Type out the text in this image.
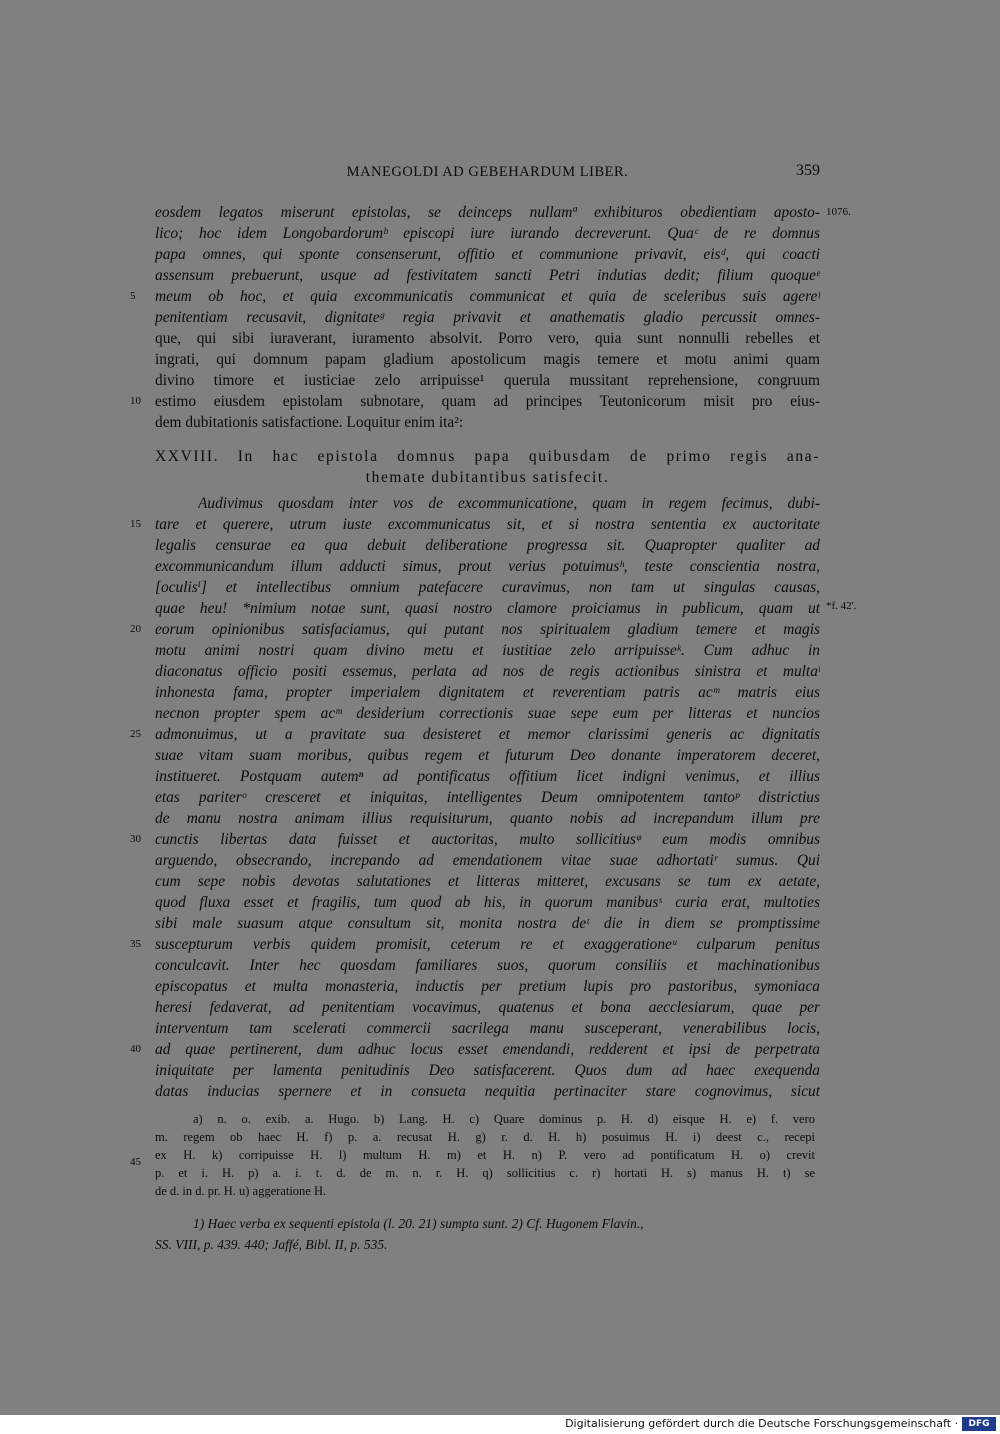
MANEGOLDI AD GEBEHARDUM LIBER.	359
1076.
*f. 42'.
5
10
15
20
25
30
35
40
45
eosdem legatos miserunt epistolas, se deinceps nullamª exhibituros obedientiam aposto-
lico; hoc idem Longobardorumᵇ episcopi iure iurando decreverunt. Quaᶜ de re domnus
papa omnes, qui sponte consenserunt, offitio et communione privavit, eisᵈ, qui coacti
assensum prebuerunt, usque ad festivitatem sancti Petri indutias dedit; filium quoqueᵉ
meum ob hoc, et quia excommunicatis communicat et quia de sceleribus suis agereᶠ
penitentiam recusavit, dignitateᵍ regia privavit et anathematis gladio percussit omnes-
que, qui sibi iuraverant, iuramento absolvit. Porro vero, quia sunt nonnulli rebelles et
ingrati, qui domnum papam gladium apostolicum magis temere et motu animi quam
divino timore et iusticiae zelo arripuisse¹ querula mussitant reprehensione, congruum
estimo eiusdem epistolam subnotare, quam ad principes Teutonicorum misit pro eius-
dem dubitationis satisfactione. Loquitur enim ita²:
XXVIII. In hac epistola domnus papa quibusdam de primo regis ana-
themate dubitantibus satisfecit.
Audivimus quosdam inter vos de excommunicatione, quam in regem fecimus, dubi-
tare et querere, utrum iuste excommunicatus sit, et si nostra sententia ex auctoritate
legalis censurae ea qua debuit deliberatione progressa sit. Quapropter qualiter ad
excommunicandum illum adducti simus, prout verius potuimusʰ, teste conscientia nostra,
[oculisⁱ] et intellectibus omnium patefacere curavimus, non tam ut singulas causas,
quae heu! *nimium notae sunt, quasi nostro clamore proiciamus in publicum, quam ut
eorum opinionibus satisfaciamus, qui putant nos spiritualem gladium temere et magis
motu animi nostri quam divino metu et iustitiae zelo arripuisseᵏ. Cum adhuc in
diaconatus officio positi essemus, perlata ad nos de regis actionibus sinistra et multaˡ
inhonesta fama, propter imperialem dignitatem et reverentiam patris acᵐ matris eius
necnon propter spem acᵐ desiderium correctionis suae sepe eum per litteras et nuncios
admonuimus, ut a pravitate sua desisteret et memor clarissimi generis ac dignitatis
suae vitam suam moribus, quibus regem et futurum Deo donante imperatorem deceret,
institueret. Postquam autemⁿ ad pontificatus offitium licet indigni venimus, et illius
etas pariterᵒ cresceret et iniquitas, intelligentes Deum omnipotentem tantoᵖ districtius
de manu nostra animam illius requisiturum, quanto nobis ad increpandum illum pre
cunctis libertas data fuisset et auctoritas, multo sollicitiusᵠ eum modis omnibus
arguendo, obsecrando, increpando ad emendationem vitae suae adhortatiʳ sumus. Qui
cum sepe nobis devotas salutationes et litteras mitteret, excusans se tum ex aetate,
quod fluxa esset et fragilis, tum quod ab his, in quorum manibusˢ curia erat, multoties
sibi male suasum atque consultum sit, monita nostra deᵗ die in diem se promptissime
suscepturum verbis quidem promisit, ceterum re et exaggerationeᵘ culparum penitus
conculcavit. Inter hec quosdam familiares suos, quorum consiliis et machinationibus
episcopatus et multa monasteria, inductis per pretium lupis pro pastoribus, symoniaca
heresi fedaverat, ad penitentiam vocavimus, quatenus et bona aecclesiarum, quae per
interventum tam scelerati commercii sacrilega manu susceperant, venerabilibus locis,
ad quae pertinerent, dum adhuc locus esset emendandi, redderent et ipsi de perpetrata
iniquitate per lamenta penitudinis Deo satisfacerent. Quos dum ad haec exequenda
datas inducias spernere et in consueta nequitia pertinaciter stare cognovimus, sicut
a) n. o. exib. a. Hugo. b) Lang. H. c) Quare dominus p. H. d) eisque H. e) f. vero
m. regem ob haec H. f) p. a. recusat H. g) r. d. H. h) posuimus H. i) deest c., recepi
ex H. k) corripuisse H. l) multum H. m) et H. n) P. vero ad pontificatum H. o) crevit
p. et i. H. p) a. i. t. d. de m. n. r. H. q) sollicitius c. r) hortati H. s) manus H. t) se
de d. in d. pr. H. u) aggeratione H.
1) Haec verba ex sequenti epistola (l. 20. 21) sumpta sunt. 2) Cf. Hugonem Flavin.,
SS. VIII, p. 439. 440; Jaffé, Bibl. II, p. 535.
Digitalisierung gefördert durch die Deutsche Forschungsgemeinschaft ·	DFG
